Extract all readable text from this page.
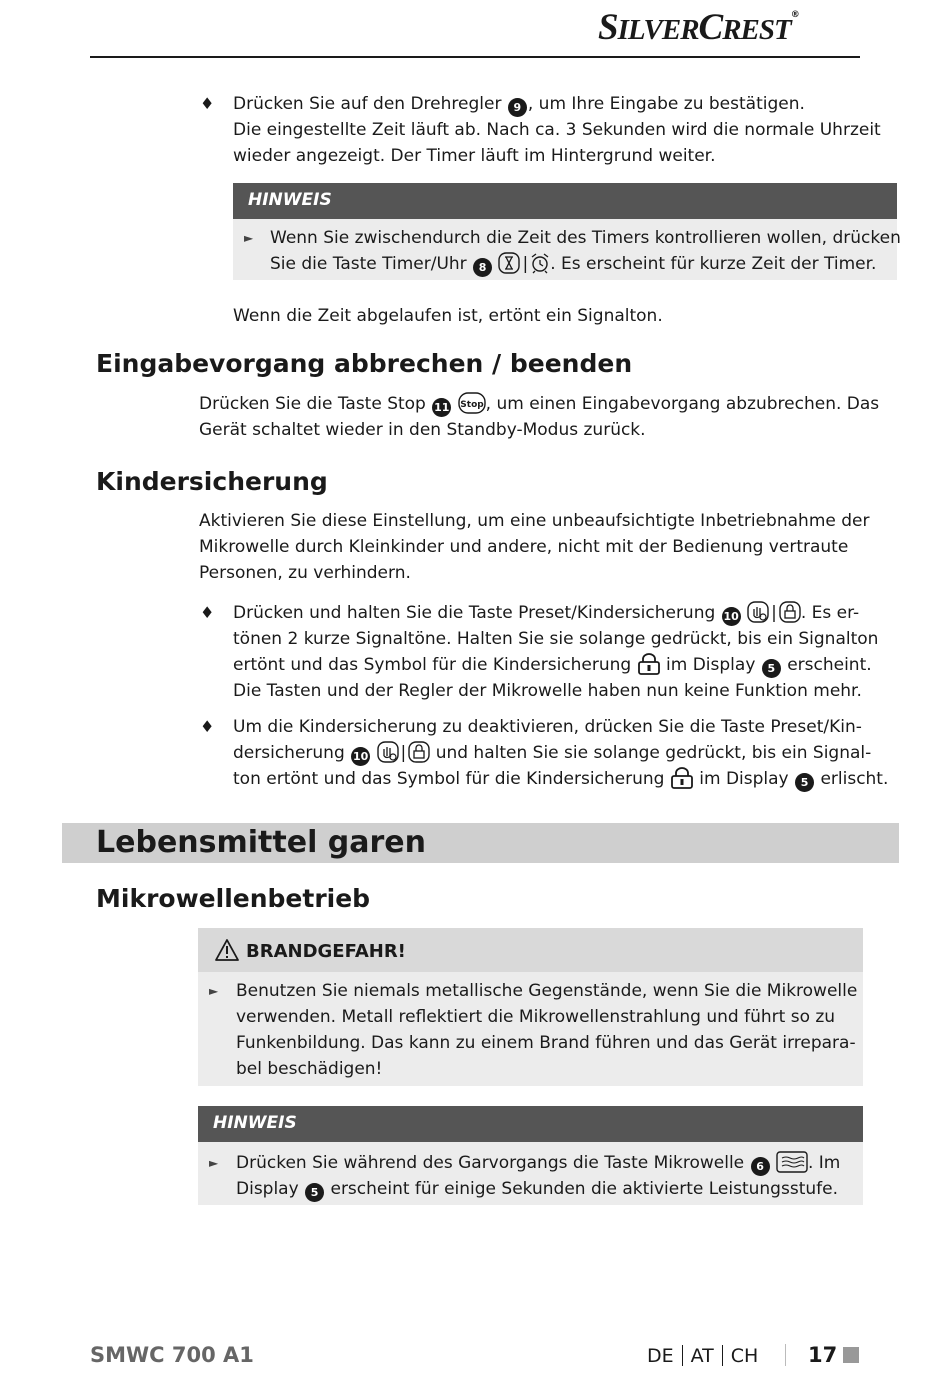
SILVERCREST®
♦ Drücken Sie auf den Drehregler 9 , um Ihre Eingabe zu bestätigen.

Die eingestellte Zeit läuft ab. Nach ca. 3 Sekunden wird die normale Uhrzeit

wieder angezeigt. Der Timer läuft im Hintergrund weiter.

HINWEIS
► Wenn Sie zwischendurch die Zeit des Timers kontrollieren wollen, drücken

Sie die Taste Timer/Uhr 8 | . Es erscheint für kurze Zeit der Timer.

Wenn die Zeit abgelaufen ist, ertönt ein Signalton.

Eingabevorgang abbrechen / beenden

Drücken Sie die Taste Stop 11 Stop , um einen Eingabevorgang abzubrechen. Das

Gerät schaltet wieder in den Standby-Modus zurück.

Kindersicherung

Aktivieren Sie diese Einstellung, um eine unbeaufsichtigte Inbetriebnahme der

Mikrowelle durch Kleinkinder und andere, nicht mit der Bedienung vertraute

Personen, zu verhindern.

♦ Drücken und halten Sie die Taste Preset/Kindersicherung 10 | . Es er-

tönen 2 kurze Signaltöne. Halten Sie sie solange gedrückt, bis ein Signalton

ertönt und das Symbol für die Kindersicherung im Display 5 erscheint.

Die Tasten und der Regler der Mikrowelle haben nun keine Funktion mehr.

♦ Um die Kindersicherung zu deaktivieren, drücken Sie die Taste Preset/Kin-

dersicherung 10 | und halten Sie sie solange gedrückt, bis ein Signal-

ton ertönt und das Symbol für die Kindersicherung im Display 5 erlischt.

Lebensmittel garen
Mikrowellenbetrieb
BRANDGEFAHR!
► Benutzen Sie niemals metallische Gegenstände, wenn Sie die Mikrowelle

verwenden. Metall reflektiert die Mikrowellenstrahlung und führt so zu

Funkenbildung. Das kann zu einem Brand führen und das Gerät irrepara-

bel beschädigen!

HINWEIS
► Drücken Sie während des Garvorgangs die Taste Mikrowelle 6	. Im

Display 5 erscheint für einige Sekunden die aktivierte Leistungsstufe.

SMWC 700 A1	DE AT CH 17
